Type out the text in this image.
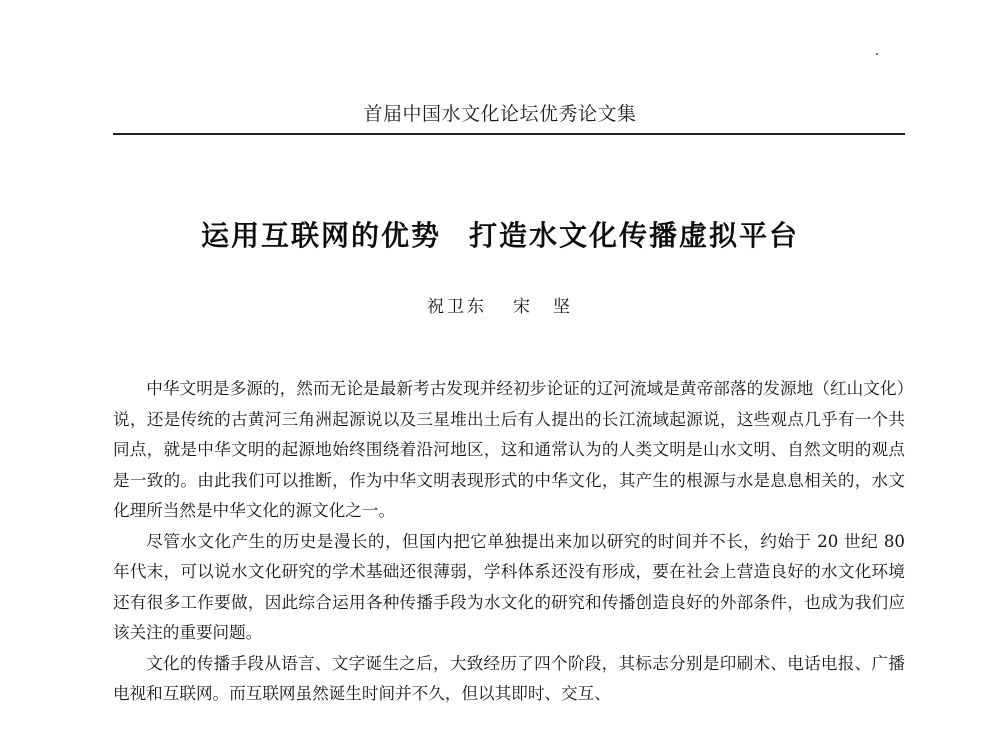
首届中国水文化论坛优秀论文集
运用互联网的优势 打造水文化传播虚拟平台
祝卫东 宋　坚

中华文明是多源的，然而无论是最新考古发现并经初步论证的辽河流域是黄帝部落的发源地（红山文化）说，还是传统的古黄河三角洲起源说以及三星堆出土后有人提出的长江流域起源说，这些观点几乎有一个共同点，就是中华文明的起源地始终围绕着沿河地区，这和通常认为的人类文明是山水文明、自然文明的观点是一致的。由此我们可以推断，作为中华文明表现形式的中华文化，其产生的根源与水是息息相关的，水文化理所当然是中华文化的源文化之一。

尽管水文化产生的历史是漫长的，但国内把它单独提出来加以研究的时间并不长，约始于 20 世纪 80 年代末，可以说水文化研究的学术基础还很薄弱，学科体系还没有形成，要在社会上营造良好的水文化环境还有很多工作要做，因此综合运用各种传播手段为水文化的研究和传播创造良好的外部条件，也成为我们应该关注的重要问题。

文化的传播手段从语言、文字诞生之后，大致经历了四个阶段，其标志分别是印刷术、电话电报、广播电视和互联网。而互联网虽然诞生时间并不久，但以其即时、交互、
